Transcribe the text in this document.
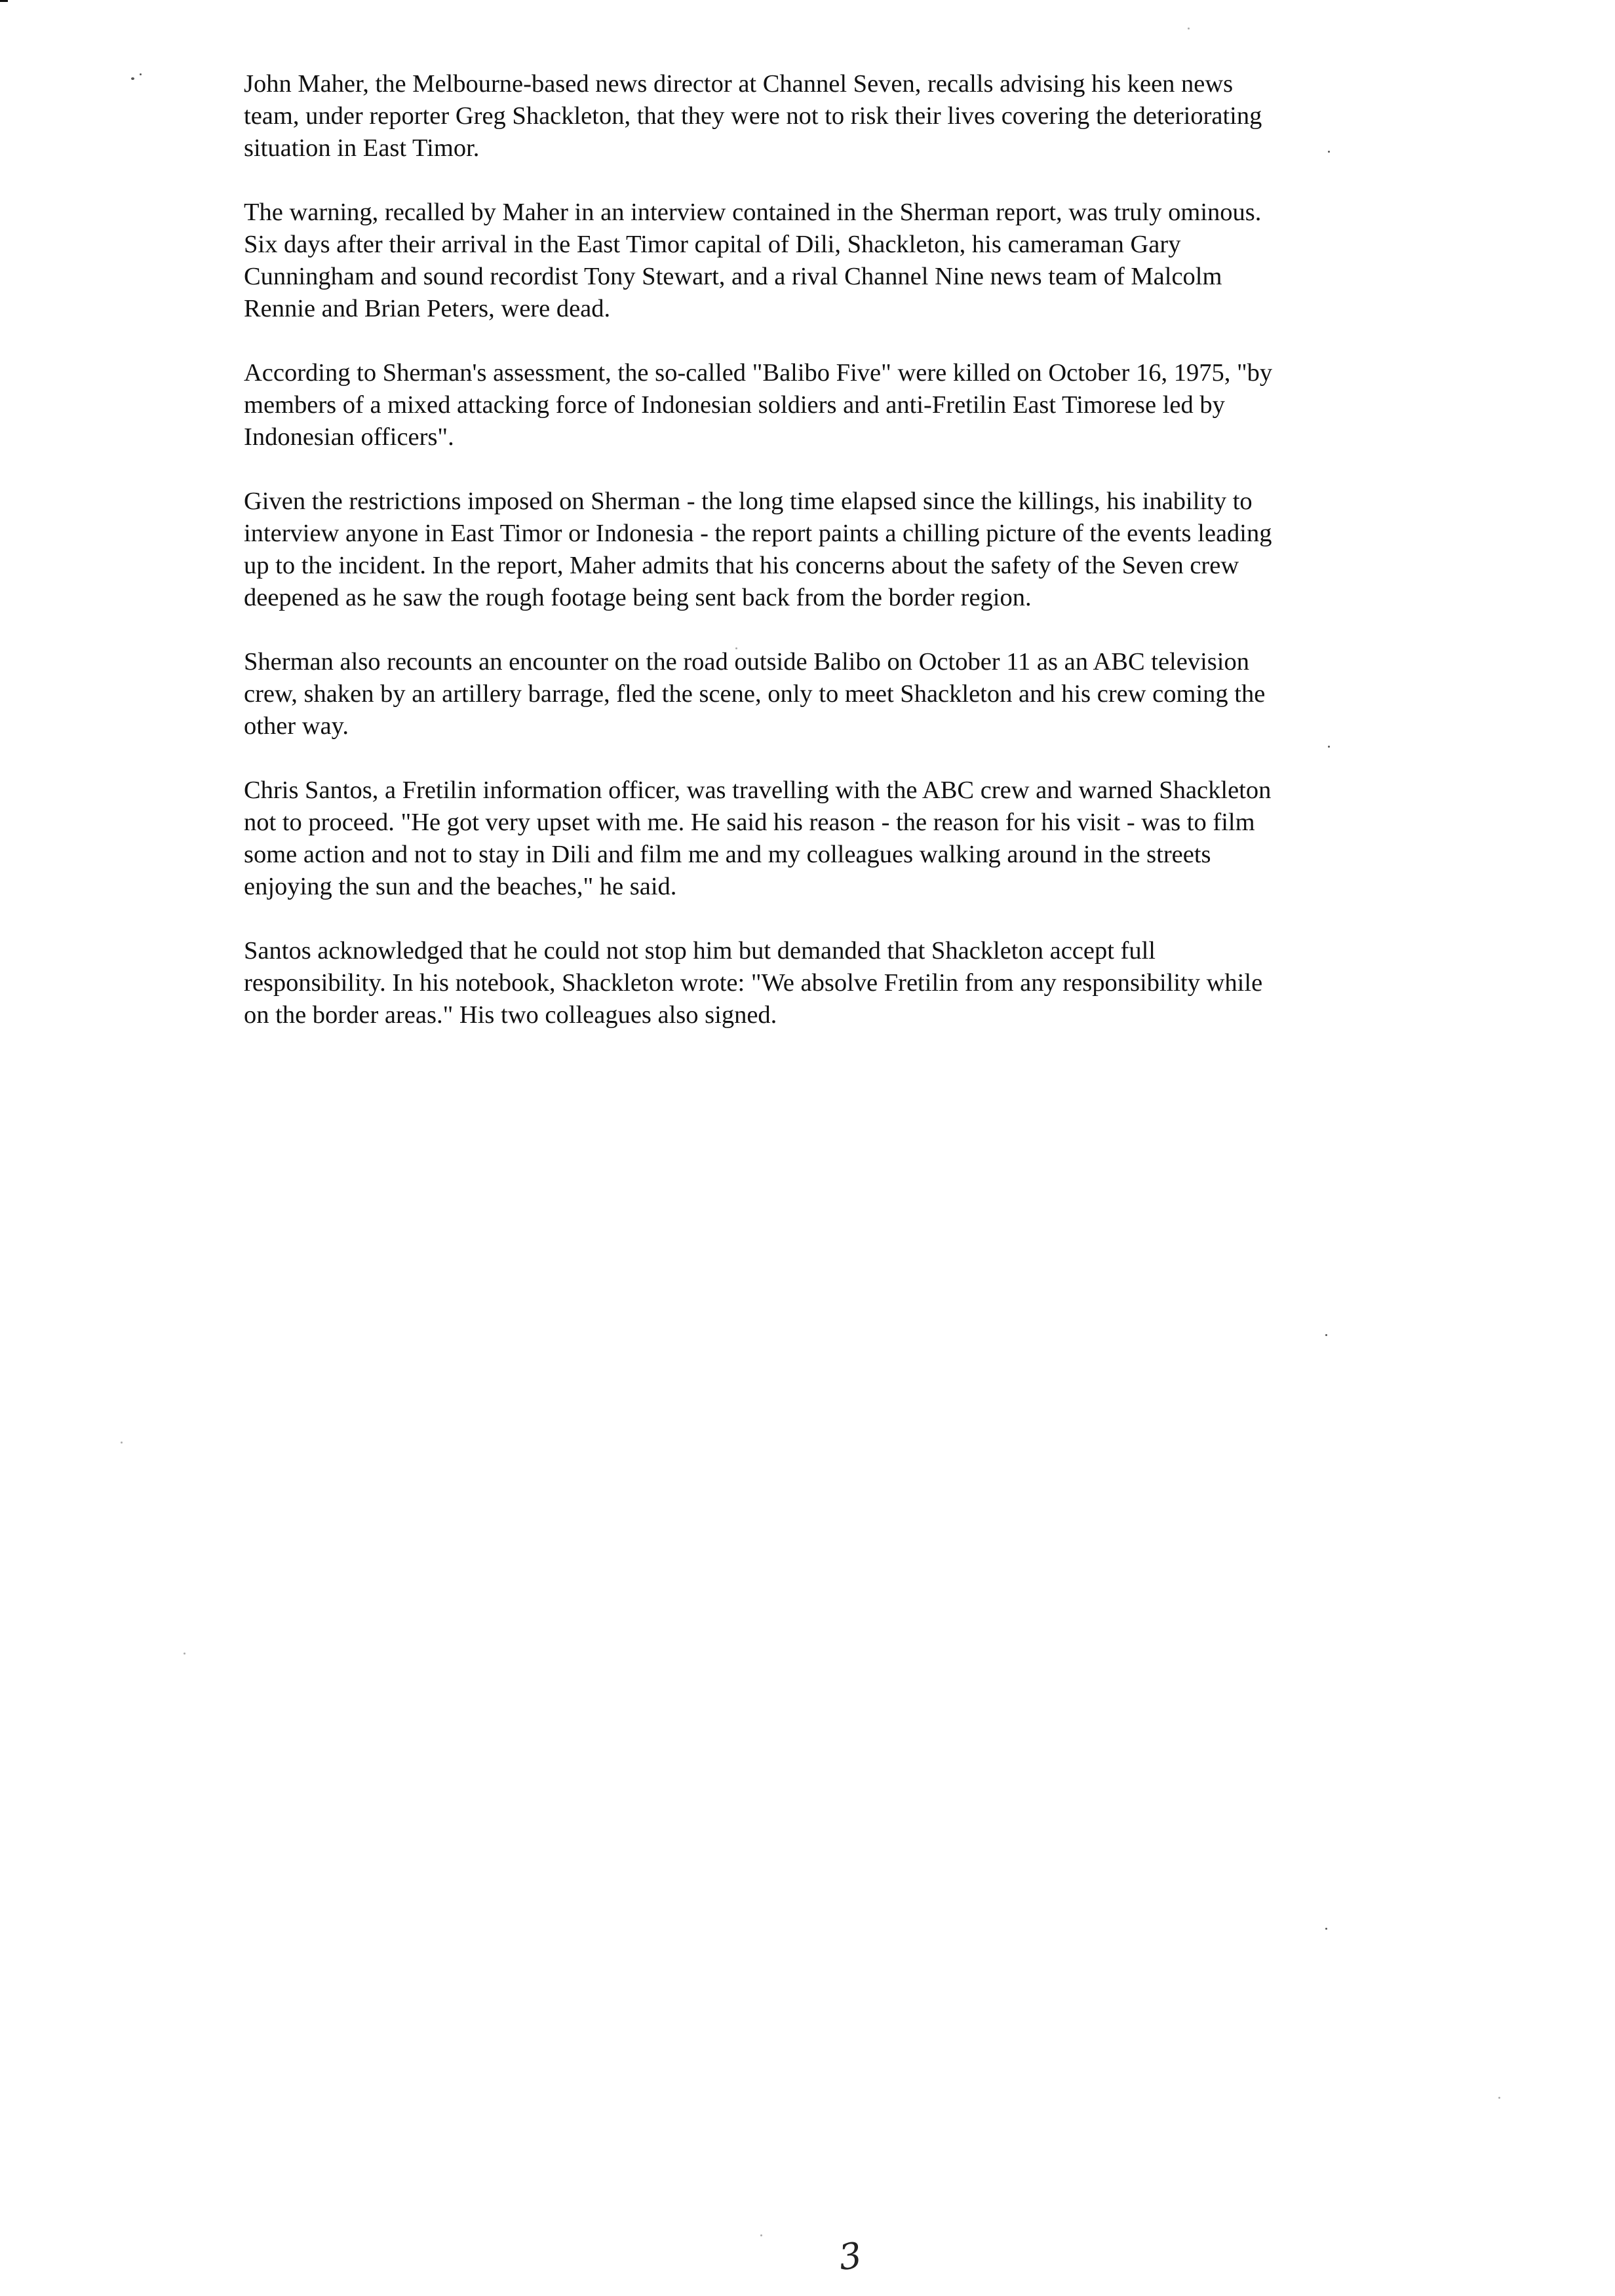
John Maher, the Melbourne-based news director at Channel Seven, recalls advising his keen news
team, under reporter Greg Shackleton, that they were not to risk their lives covering the deteriorating
situation in East Timor.

The warning, recalled by Maher in an interview contained in the Sherman report, was truly ominous.
Six days after their arrival in the East Timor capital of Dili, Shackleton, his cameraman Gary
Cunningham and sound recordist Tony Stewart, and a rival Channel Nine news team of Malcolm
Rennie and Brian Peters, were dead.

According to Sherman's assessment, the so-called "Balibo Five" were killed on October 16, 1975, "by
members of a mixed attacking force of Indonesian soldiers and anti-Fretilin East Timorese led by
Indonesian officers".

Given the restrictions imposed on Sherman - the long time elapsed since the killings, his inability to
interview anyone in East Timor or Indonesia - the report paints a chilling picture of the events leading
up to the incident. In the report, Maher admits that his concerns about the safety of the Seven crew
deepened as he saw the rough footage being sent back from the border region.

Sherman also recounts an encounter on the road outside Balibo on October 11 as an ABC television
crew, shaken by an artillery barrage, fled the scene, only to meet Shackleton and his crew coming the
other way.

Chris Santos, a Fretilin information officer, was travelling with the ABC crew and warned Shackleton
not to proceed. "He got very upset with me. He said his reason - the reason for his visit - was to film
some action and not to stay in Dili and film me and my colleagues walking around in the streets
enjoying the sun and the beaches," he said.

Santos acknowledged that he could not stop him but demanded that Shackleton accept full
responsibility. In his notebook, Shackleton wrote: "We absolve Fretilin from any responsibility while
on the border areas." His two colleagues also signed.

3
